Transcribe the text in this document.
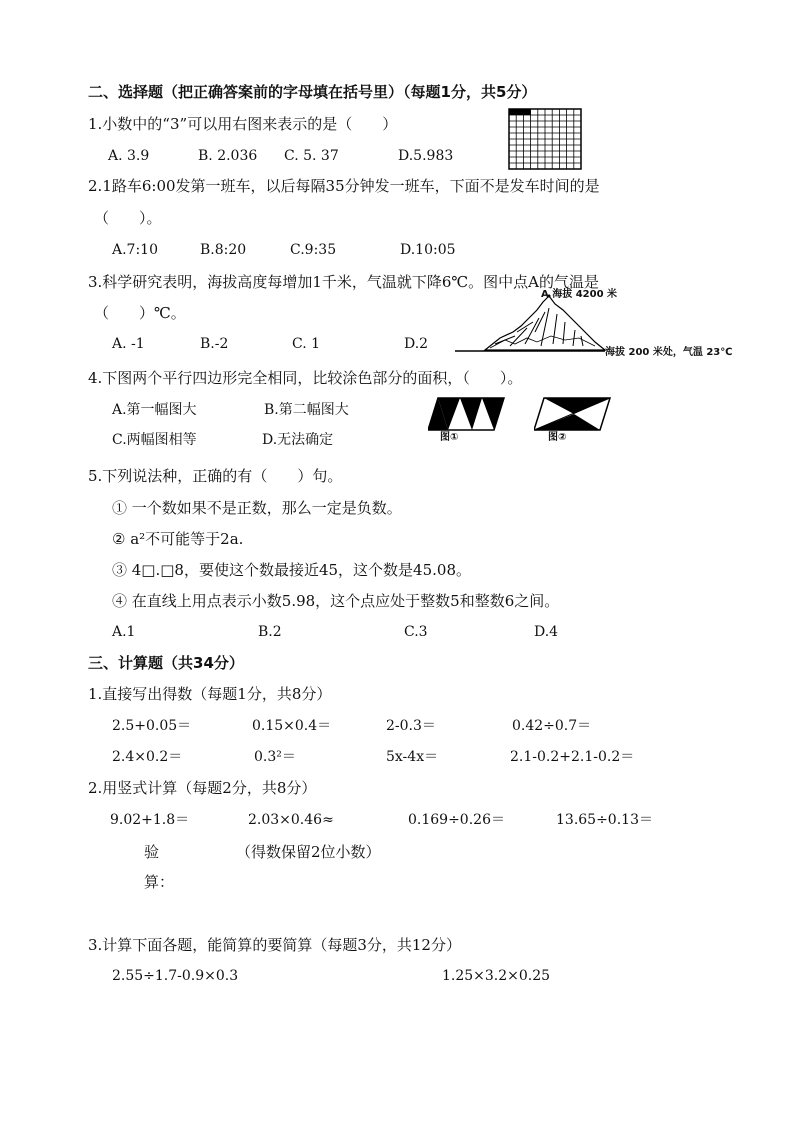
二、选择题（把正确答案前的字母填在括号里）（每题1分，共5分）
1.小数中的“3”可以用右图来表示的是（　　）
A. 3.9	B. 2.036 C. 5. 37	D.5.983
2.1路车6:00发第一班车，以后每隔35分钟发一班车，下面不是发车时间的是
（　　）。
A.7:10	B.8:20	C.9:35	D.10:05
3.科学研究表明，海拔高度每增加1千米，气温就下降6℃。图中点A的气温是
（　　）℃。
A. -1	B.-2	C. 1	D.2
A 海拔 4200 米
海拔 200 米处，气温 23℃
4.下图两个平行四边形完全相同，比较涂色部分的面积，（　　）。
A.第一幅图大	B.第二幅图大
C.两幅图相等	D.无法确定	图①	图②
5.下列说法种，正确的有（　　）句。
① 一个数如果不是正数，那么一定是负数。
② a²不可能等于2a.
③ 4□.□8，要使这个数最接近45，这个数是45.08。
④ 在直线上用点表示小数5.98，这个点应处于整数5和整数6之间。
A.1	B.2	C.3	D.4
三、计算题（共34分）
1.直接写出得数（每题1分，共8分）
2.5+0.05＝	0.15×0.4＝	2-0.3＝	0.42÷0.7＝
2.4×0.2＝	0.3²＝	5x-4x＝	2.1-0.2+2.1-0.2＝
2.用竖式计算（每题2分，共8分）
9.02+1.8＝	2.03×0.46≈	0.169÷0.26＝	13.65÷0.13＝
验	（得数保留2位小数）
算：
3.计算下面各题，能简算的要简算（每题3分，共12分）
2.55÷1.7-0.9×0.3	1.25×3.2×0.25
